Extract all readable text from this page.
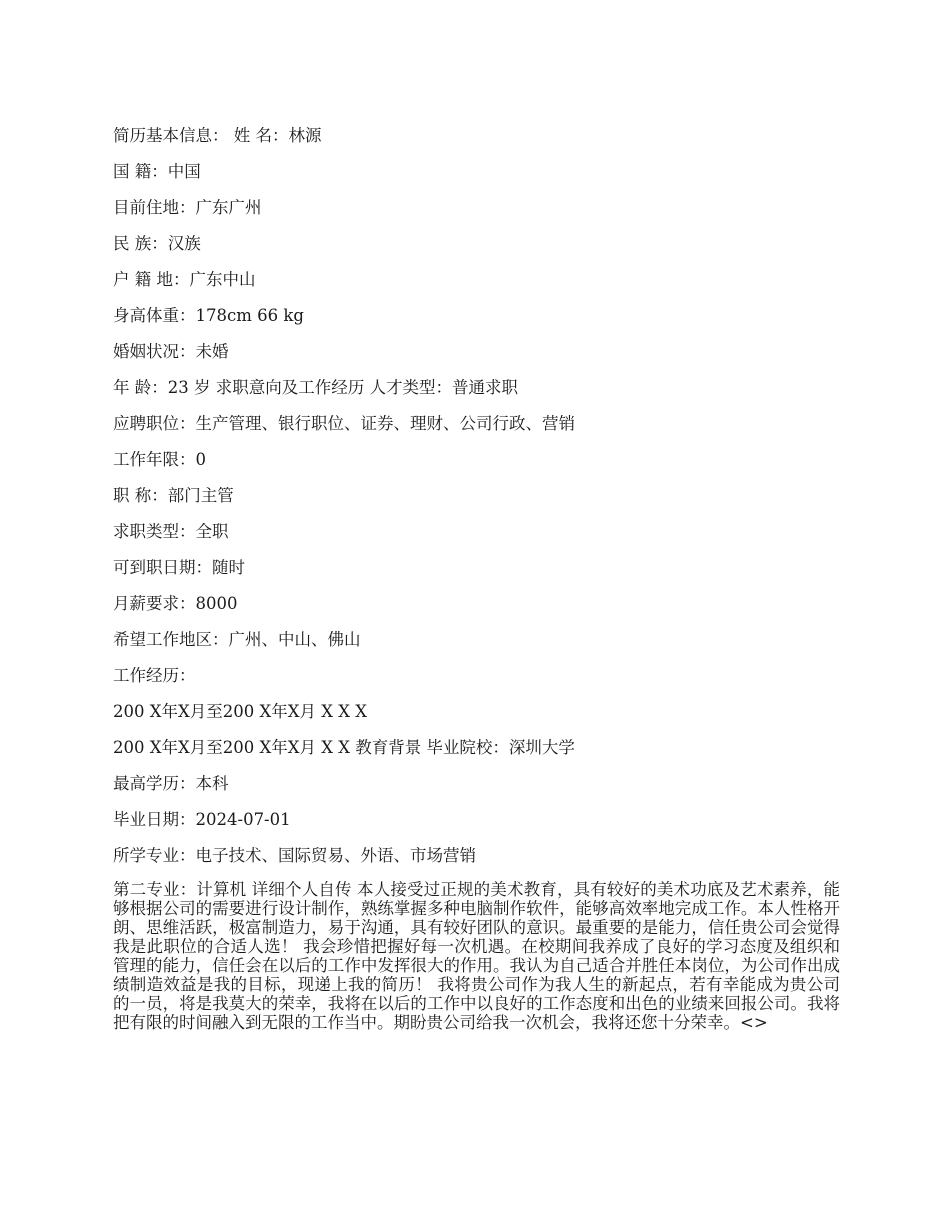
简历基本信息： 姓 名：林源
国 籍：中国
目前住地：广东广州
民 族：汉族
户 籍 地：广东中山
身高体重：178cm 66 kg
婚姻状况：未婚
年 龄：23 岁 求职意向及工作经历 人才类型：普通求职
应聘职位：生产管理、银行职位、证券、理财、公司行政、营销
工作年限：0
职 称：部门主管
求职类型：全职
可到职日期：随时
月薪要求：8000
希望工作地区：广州、中山、佛山
工作经历：
200 X年X月至200 X年X月 X X X
200 X年X月至200 X年X月 X X 教育背景 毕业院校：深圳大学
最高学历：本科
毕业日期：2024-07-01
所学专业：电子技术、国际贸易、外语、市场营销

第二专业：计算机 详细个人自传 本人接受过正规的美术教育，具有较好的美术功底及艺术素养，能够根据公司的需要进行设计制作，熟练掌握多种电脑制作软件，能够高效率地完成工作。本人性格开朗、思维活跃，极富制造力，易于沟通，具有较好团队的意识。最重要的是能力，信任贵公司会觉得我是此职位的合适人选！ 我会珍惜把握好每一次机遇。在校期间我养成了良好的学习态度及组织和管理的能力，信任会在以后的工作中发挥很大的作用。我认为自己适合并胜任本岗位，为公司作出成绩制造效益是我的目标，现递上我的简历！ 我将贵公司作为我人生的新起点，若有幸能成为贵公司的一员，将是我莫大的荣幸，我将在以后的工作中以良好的工作态度和出色的业绩来回报公司。我将把有限的时间融入到无限的工作当中。期盼贵公司给我一次机会，我将还您十分荣幸。<>
